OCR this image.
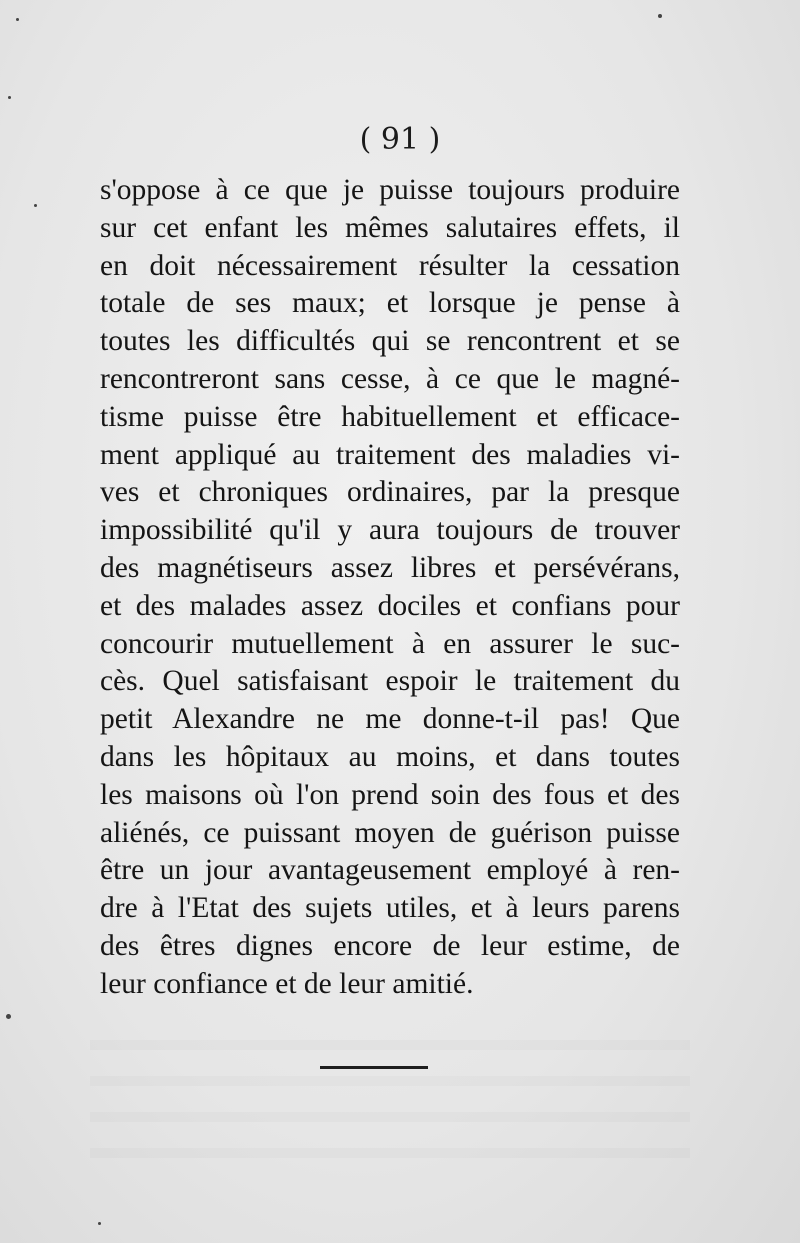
( 91 )
s'oppose à ce que je puisse toujours produire
sur cet enfant les mêmes salutaires effets, il
en doit nécessairement résulter la cessation
totale de ses maux; et lorsque je pense à
toutes les difficultés qui se rencontrent et se
rencontreront sans cesse, à ce que le magné-
tisme puisse être habituellement et efficace-
ment appliqué au traitement des maladies vi-
ves et chroniques ordinaires, par la presque
impossibilité qu'il y aura toujours de trouver
des magnétiseurs assez libres et persévérans,
et des malades assez dociles et confians pour
concourir mutuellement à en assurer le suc-
cès. Quel satisfaisant espoir le traitement du
petit Alexandre ne me donne-t-il pas! Que
dans les hôpitaux au moins, et dans toutes
les maisons où l'on prend soin des fous et des
aliénés, ce puissant moyen de guérison puisse
être un jour avantageusement employé à ren-
dre à l'Etat des sujets utiles, et à leurs parens
des êtres dignes encore de leur estime, de
leur confiance et de leur amitié.
